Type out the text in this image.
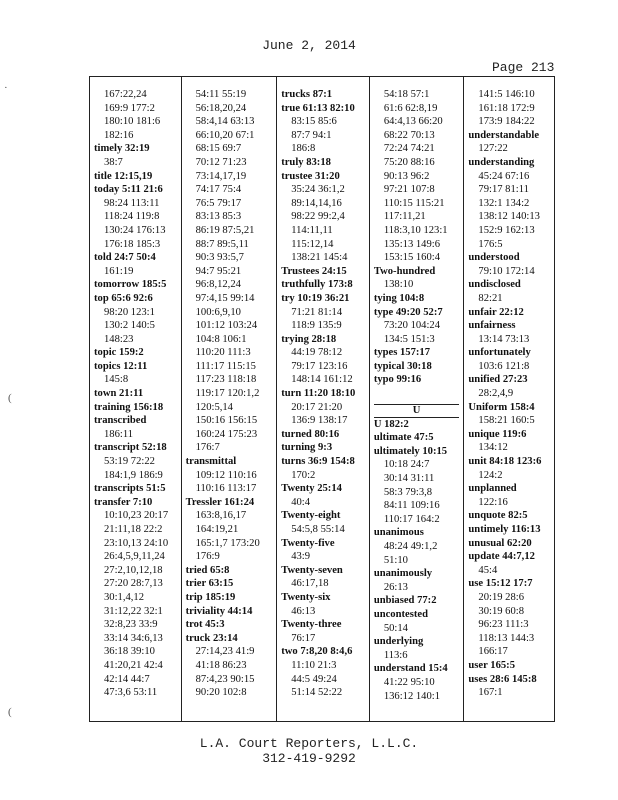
June 2, 2014
Page 213
·
(
(
167:22,24
169:9 177:2
180:10 181:6
182:16
timely 32:19
38:7
title 12:15,19
today 5:11 21:6
98:24 113:11
118:24 119:8
130:24 176:13
176:18 185:3
told 24:7 50:4
161:19
tomorrow 185:5
top 65:6 92:6
98:20 123:1
130:2 140:5
148:23
topic 159:2
topics 12:11
145:8
town 21:11
training 156:18
transcribed
186:11
transcript 52:18
53:19 72:22
184:1,9 186:9
transcripts 51:5
transfer 7:10
10:10,23 20:17
21:11,18 22:2
23:10,13 24:10
26:4,5,9,11,24
27:2,10,12,18
27:20 28:7,13
30:1,4,12
31:12,22 32:1
32:8,23 33:9
33:14 34:6,13
36:18 39:10
41:20,21 42:4
42:14 44:7
47:3,6 53:11
54:11 55:19
56:18,20,24
58:4,14 63:13
66:10,20 67:1
68:15 69:7
70:12 71:23
73:14,17,19
74:17 75:4
76:5 79:17
83:13 85:3
86:19 87:5,21
88:7 89:5,11
90:3 93:5,7
94:7 95:21
96:8,12,24
97:4,15 99:14
100:6,9,10
101:12 103:24
104:8 106:1
110:20 111:3
111:17 115:15
117:23 118:18
119:17 120:1,2
120:5,14
150:16 156:15
160:24 175:23
176:7
transmittal
109:12 110:16
110:16 113:17
Tressler 161:24
163:8,16,17
164:19,21
165:1,7 173:20
176:9
tried 65:8
trier 63:15
trip 185:19
triviality 44:14
trot 45:3
truck 23:14
27:14,23 41:9
41:18 86:23
87:4,23 90:15
90:20 102:8
trucks 87:1
true 61:13 82:10
83:15 85:6
87:7 94:1
186:8
truly 83:18
trustee 31:20
35:24 36:1,2
89:14,14,16
98:22 99:2,4
114:11,11
115:12,14
138:21 145:4
Trustees 24:15
truthfully 173:8
try 10:19 36:21
71:21 81:14
118:9 135:9
trying 28:18
44:19 78:12
79:17 123:16
148:14 161:12
turn 11:20 18:10
20:17 21:20
136:9 138:17
turned 80:16
turning 9:3
turns 36:9 154:8
170:2
Twenty 25:14
40:4
Twenty-eight
54:5,8 55:14
Twenty-five
43:9
Twenty-seven
46:17,18
Twenty-six
46:13
Twenty-three
76:17
two 7:8,20 8:4,6
11:10 21:3
44:5 49:24
51:14 52:22
54:18 57:1
61:6 62:8,19
64:4,13 66:20
68:22 70:13
72:24 74:21
75:20 88:16
90:13 96:2
97:21 107:8
110:15 115:21
117:11,21
118:3,10 123:1
135:13 149:6
153:15 160:4
Two-hundred
138:10
tying 104:8
type 49:20 52:7
73:20 104:24
134:5 151:3
types 157:17
typical 30:18
typo 99:16
U
U 182:2
ultimate 47:5
ultimately 10:15
10:18 24:7
30:14 31:11
58:3 79:3,8
84:11 109:16
110:17 164:2
unanimous
48:24 49:1,2
51:10
unanimously
26:13
unbiased 77:2
uncontested
50:14
underlying
113:6
understand 15:4
41:22 95:10
136:12 140:1
141:5 146:10
161:18 172:9
173:9 184:22
understandable
127:22
understanding
45:24 67:16
79:17 81:11
132:1 134:2
138:12 140:13
152:9 162:13
176:5
understood
79:10 172:14
undisclosed
82:21
unfair 22:12
unfairness
13:14 73:13
unfortunately
103:6 121:8
unified 27:23
28:2,4,9
Uniform 158:4
158:21 160:5
unique 119:6
134:12
unit 84:18 123:6
124:2
unplanned
122:16
unquote 82:5
untimely 116:13
unusual 62:20
update 44:7,12
45:4
use 15:12 17:7
20:19 28:6
30:19 60:8
96:23 111:3
118:13 144:3
166:17
user 165:5
uses 28:6 145:8
167:1
L.A. Court Reporters, L.L.C.
312-419-9292
